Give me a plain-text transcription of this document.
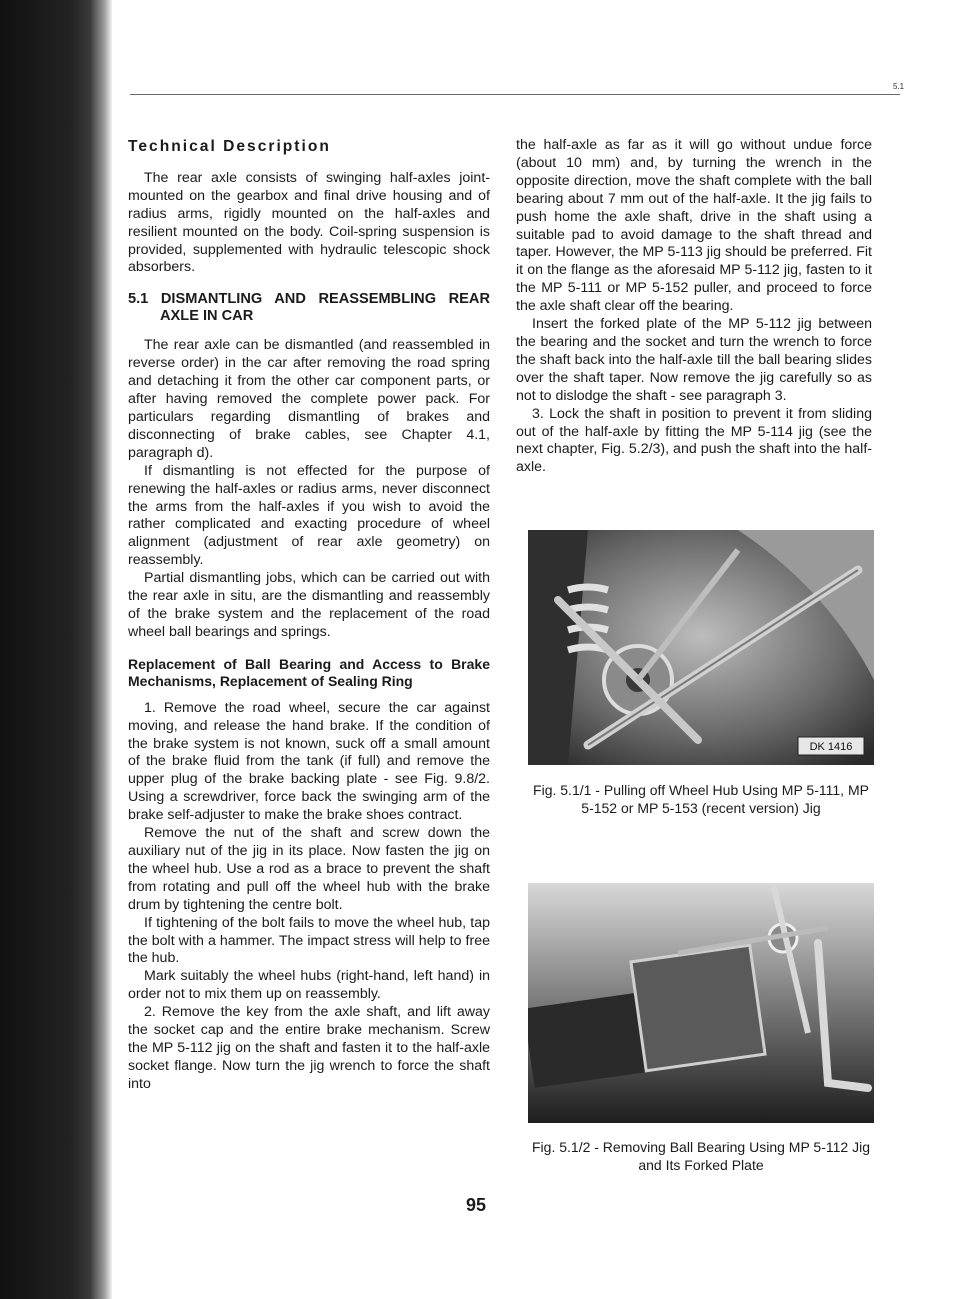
5.1
Technical Description

The rear axle consists of swinging half-axles joint-mounted on the gearbox and final drive housing and of radius arms, rigidly mounted on the half-axles and resilient mounted on the body. Coil-spring suspension is provided, supplemented with hydraulic telescopic shock absorbers.

5.1 DISMANTLING AND REASSEMBLING REAR AXLE IN CAR

The rear axle can be dismantled (and reassembled in reverse order) in the car after removing the road spring and detaching it from the other car component parts, or after having removed the complete power pack. For particulars regarding dismantling of brakes and disconnecting of brake cables, see Chapter 4.1, paragraph d).

If dismantling is not effected for the purpose of renewing the half-axles or radius arms, never disconnect the arms from the half-axles if you wish to avoid the rather complicated and exacting procedure of wheel alignment (adjustment of rear axle geometry) on reassembly.

Partial dismantling jobs, which can be carried out with the rear axle in situ, are the dismantling and reassembly of the brake system and the replacement of the road wheel ball bearings and springs.

Replacement of Ball Bearing and Access to Brake Mechanisms, Replacement of Sealing Ring

1. Remove the road wheel, secure the car against moving, and release the hand brake. If the condition of the brake system is not known, suck off a small amount of the brake fluid from the tank (if full) and remove the upper plug of the brake backing plate - see Fig. 9.8/2. Using a screwdriver, force back the swinging arm of the brake self-adjuster to make the brake shoes contract.

Remove the nut of the shaft and screw down the auxiliary nut of the jig in its place. Now fasten the jig on the wheel hub. Use a rod as a brace to prevent the shaft from rotating and pull off the wheel hub with the brake drum by tightening the centre bolt.

If tightening of the bolt fails to move the wheel hub, tap the bolt with a hammer. The impact stress will help to free the hub.

Mark suitably the wheel hubs (right-hand, left hand) in order not to mix them up on reassembly.

2. Remove the key from the axle shaft, and lift away the socket cap and the entire brake mechanism. Screw the MP 5-112 jig on the shaft and fasten it to the half-axle socket flange. Now turn the jig wrench to force the shaft into

the half-axle as far as it will go without undue force (about 10 mm) and, by turning the wrench in the opposite direction, move the shaft complete with the ball bearing about 7 mm out of the half-axle. It the jig fails to push home the axle shaft, drive in the shaft using a suitable pad to avoid damage to the shaft thread and taper. However, the MP 5-113 jig should be preferred. Fit it on the flange as the aforesaid MP 5-112 jig, fasten to it the MP 5-111 or MP 5-152 puller, and proceed to force the axle shaft clear off the bearing.

Insert the forked plate of the MP 5-112 jig between the bearing and the socket and turn the wrench to force the shaft back into the half-axle till the ball bearing slides over the shaft taper. Now remove the jig carefully so as not to dislodge the shaft - see paragraph 3.

3. Lock the shaft in position to prevent it from sliding out of the half-axle by fitting the MP 5-114 jig (see the next chapter, Fig. 5.2/3), and push the shaft into the half-axle.

DK 1416
Fig. 5.1/1 - Pulling off Wheel Hub Using MP 5-111, MP 5-152 or MP 5-153 (recent version) Jig
Fig. 5.1/2 - Removing Ball Bearing Using MP 5-112 Jig and Its Forked Plate
95
